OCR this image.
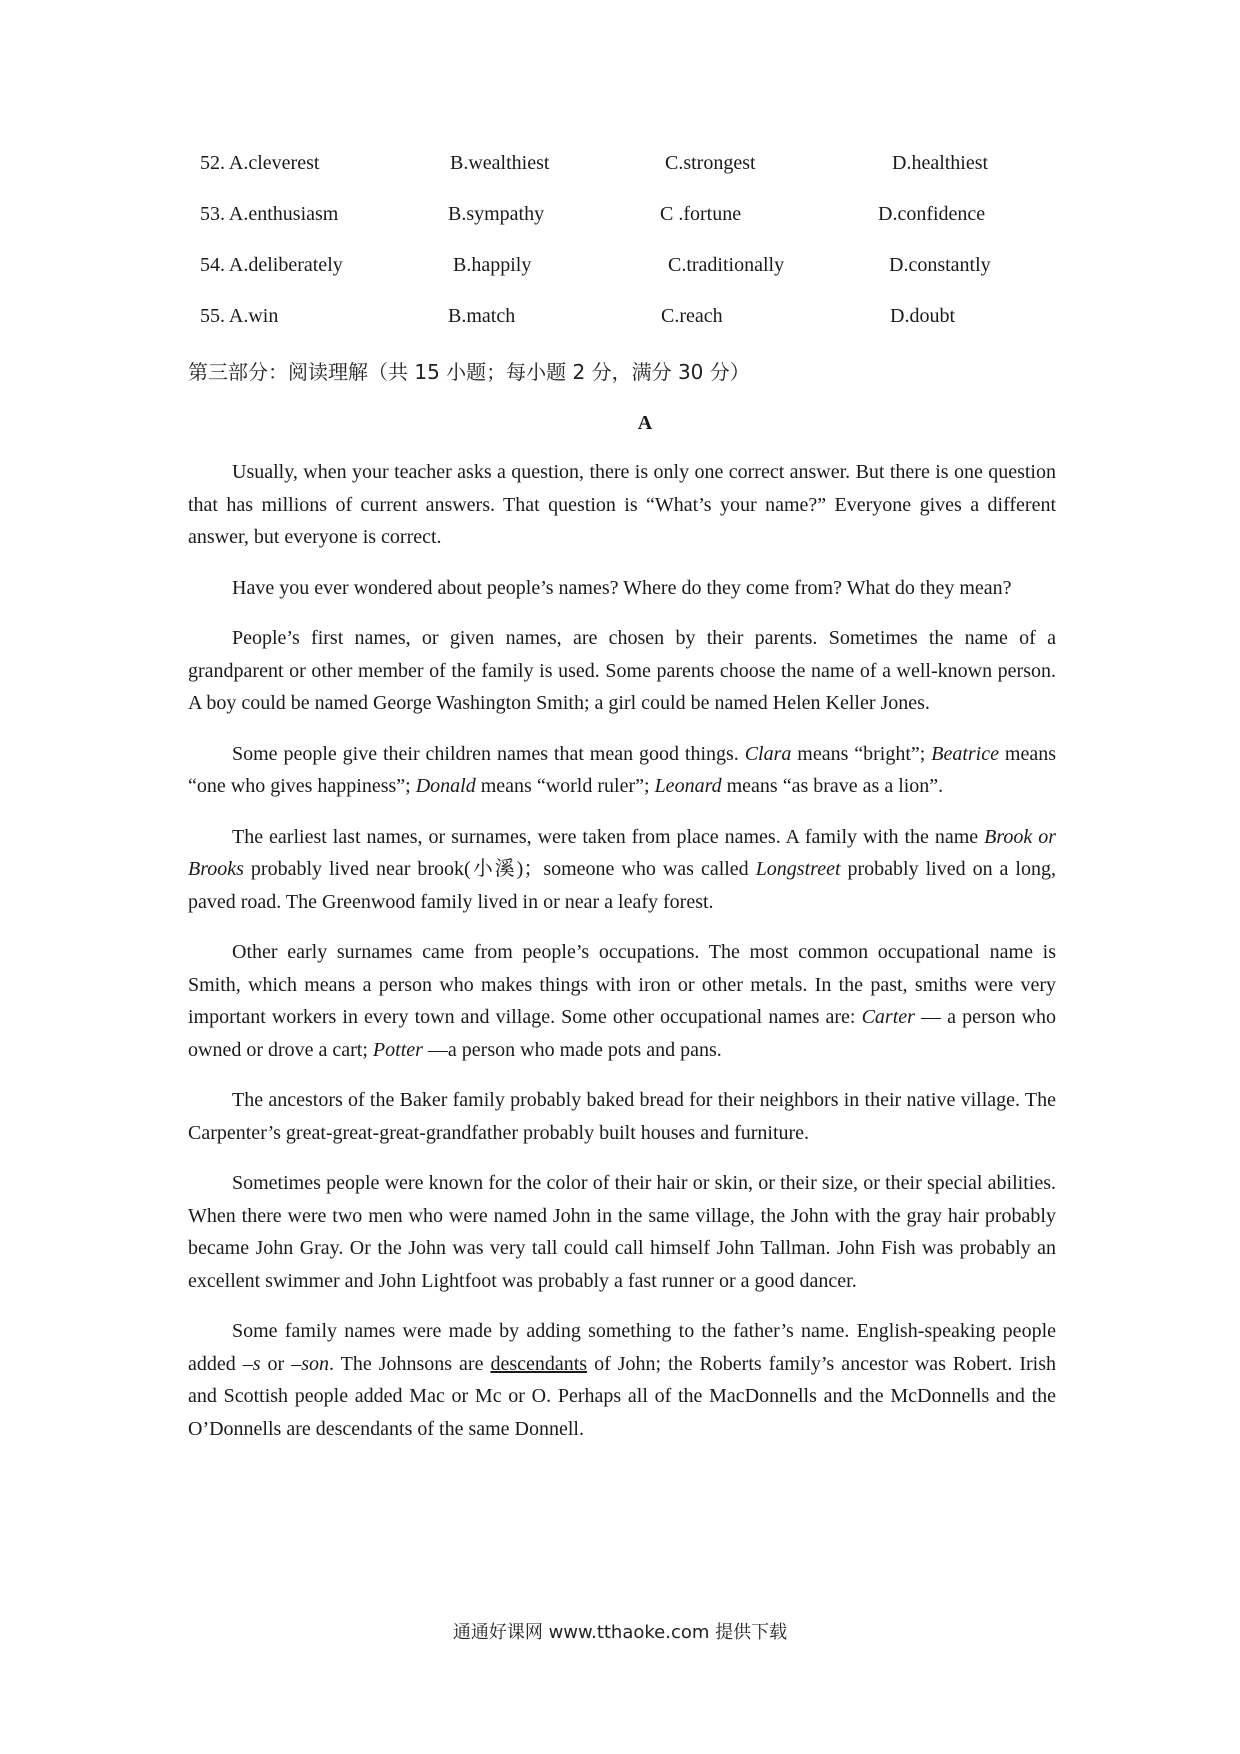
52. A.cleverest	B.wealthiest	C.strongest	D.healthiest
53. A.enthusiasm	B.sympathy	C .fortune	D.confidence
54. A.deliberately	B.happily	C.traditionally	D.constantly
55. A.win	B.match	C.reach	D.doubt
第三部分：阅读理解（共 15 小题；每小题 2 分，满分 30 分）
A

Usually, when your teacher asks a question, there is only one correct answer. But there is one question that has millions of current answers. That question is “What’s your name?” Everyone gives a different answer, but everyone is correct.

Have you ever wondered about people’s names? Where do they come from? What do they mean?

People’s first names, or given names, are chosen by their parents. Sometimes the name of a grandparent or other member of the family is used. Some parents choose the name of a well-known person. A boy could be named George Washington Smith; a girl could be named Helen Keller Jones.

Some people give their children names that mean good things. Clara means “bright”; Beatrice means “one who gives happiness”; Donald means “world ruler”; Leonard means “as brave as a lion”.

The earliest last names, or surnames, were taken from place names. A family with the name Brook or Brooks probably lived near brook(小溪)；someone who was called Longstreet probably lived on a long, paved road. The Greenwood family lived in or near a leafy forest.

Other early surnames came from people’s occupations. The most common occupational name is Smith, which means a person who makes things with iron or other metals. In the past, smiths were very important workers in every town and village. Some other occupational names are: Carter — a person who owned or drove a cart; Potter —a person who made pots and pans.

The ancestors of the Baker family probably baked bread for their neighbors in their native village. The Carpenter’s great-great-great-grandfather probably built houses and furniture.

Sometimes people were known for the color of their hair or skin, or their size, or their special abilities. When there were two men who were named John in the same village, the John with the gray hair probably became John Gray. Or the John was very tall could call himself John Tallman. John Fish was probably an excellent swimmer and John Lightfoot was probably a fast runner or a good dancer.

Some family names were made by adding something to the father’s name. English-speaking people added –s or –son. The Johnsons are descendants of John; the Roberts family’s ancestor was Robert. Irish and Scottish people added Mac or Mc or O. Perhaps all of the MacDonnells and the McDonnells and the O’Donnells are descendants of the same Donnell.

通通好课网 www.tthaoke.com 提供下载
